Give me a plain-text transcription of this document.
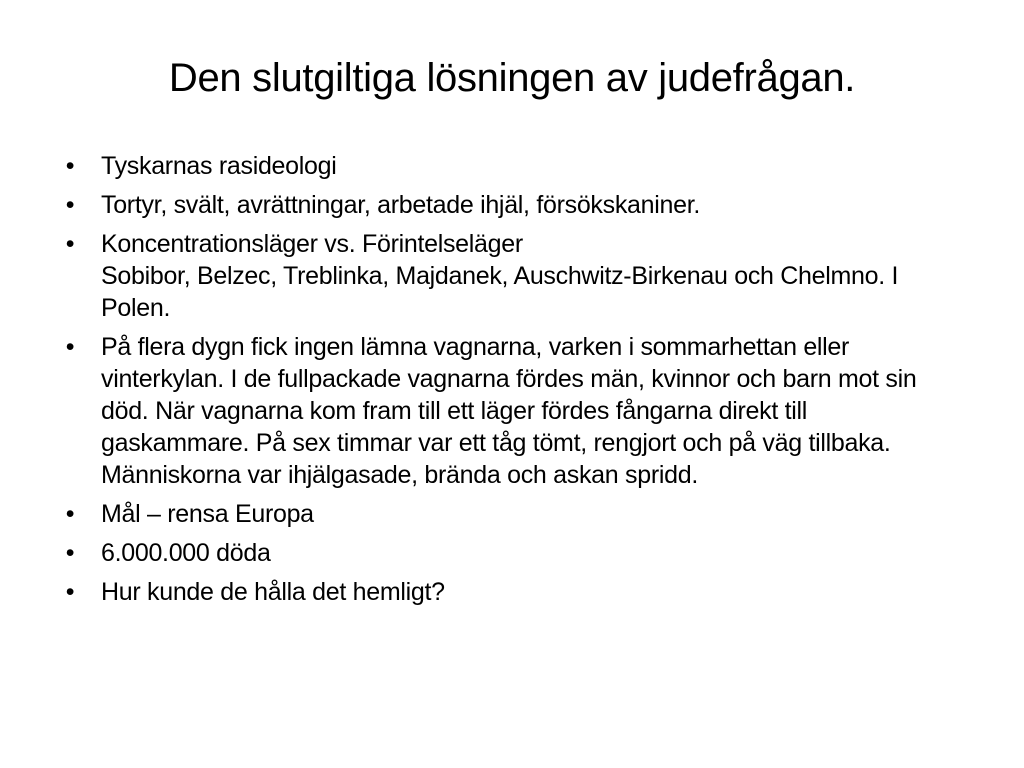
Den slutgiltiga lösningen av judefrågan.
• Tyskarnas rasideologi
• Tortyr, svält, avrättningar, arbetade ihjäl, försökskaniner.
• Koncentrationsläger vs. Förintelseläger
Sobibor, Belzec, Treblinka, Majdanek, Auschwitz-Birkenau och Chelmno. I Polen.
• På flera dygn fick ingen lämna vagnarna, varken i sommarhettan eller vinterkylan. I de fullpackade vagnarna fördes män, kvinnor och barn mot sin död. När vagnarna kom fram till ett läger fördes fångarna direkt till gaskammare. På sex timmar var ett tåg tömt, rengjort och på väg tillbaka. Människorna var ihjälgasade, brända och askan spridd.
• Mål – rensa Europa
• 6.000.000 döda
• Hur kunde de hålla det hemligt?
